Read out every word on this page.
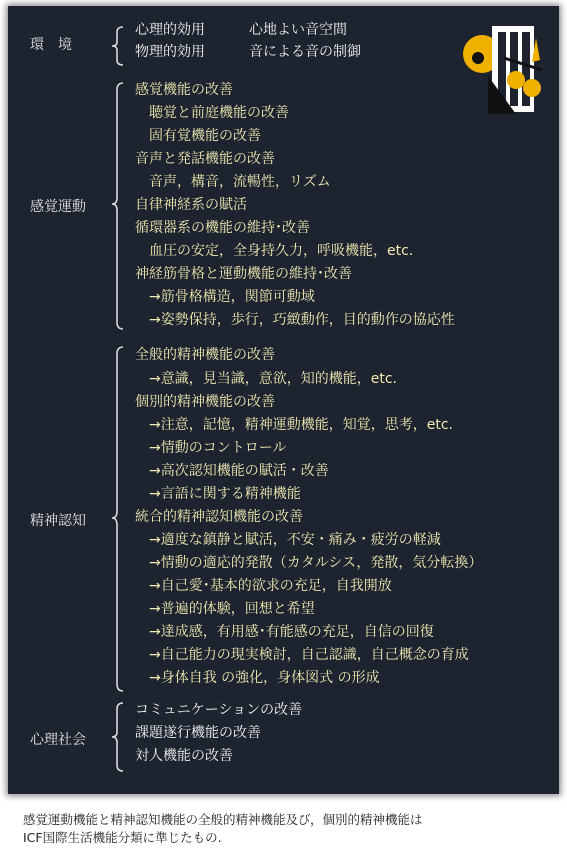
環　境
心理的効用	心地よい音空間
物理的効用	音による音の制御
感覚運動
感覚機能の改善
聴覚と前庭機能の改善
固有覚機能の改善
音声と発話機能の改善
音声，構音，流暢性，リズム
自律神経系の賦活
循環器系の機能の維持･改善
血圧の安定，全身持久力，呼吸機能，etc.
神経筋骨格と運動機能の維持･改善
→筋骨格構造，関節可動域
→姿勢保持，歩行，巧緻動作，目的動作の協応性
精神認知
全般的精神機能の改善
→意識，見当識，意欲，知的機能，etc.
個別的精神機能の改善
→注意，記憶，精神運動機能，知覚，思考，etc.
→情動のコントロール
→高次認知機能の賦活・改善
→言語に関する精神機能
統合的精神認知機能の改善
→適度な鎮静と賦活，不安・痛み・疲労の軽減
→情動の適応的発散（カタルシス，発散，気分転換）
→自己愛･基本的欲求の充足，自我開放
→普遍的体験，回想と希望
→達成感，有用感･有能感の充足，自信の回復
→自己能力の現実検討，自己認識，自己概念の育成
→身体自我 の強化，身体図式 の形成
心理社会
コミュニケーションの改善
課題遂行機能の改善
対人機能の改善
感覚運動機能と精神認知機能の全般的精神機能及び，個別的精神機能は
ICF国際生活機能分類に準じたもの.
